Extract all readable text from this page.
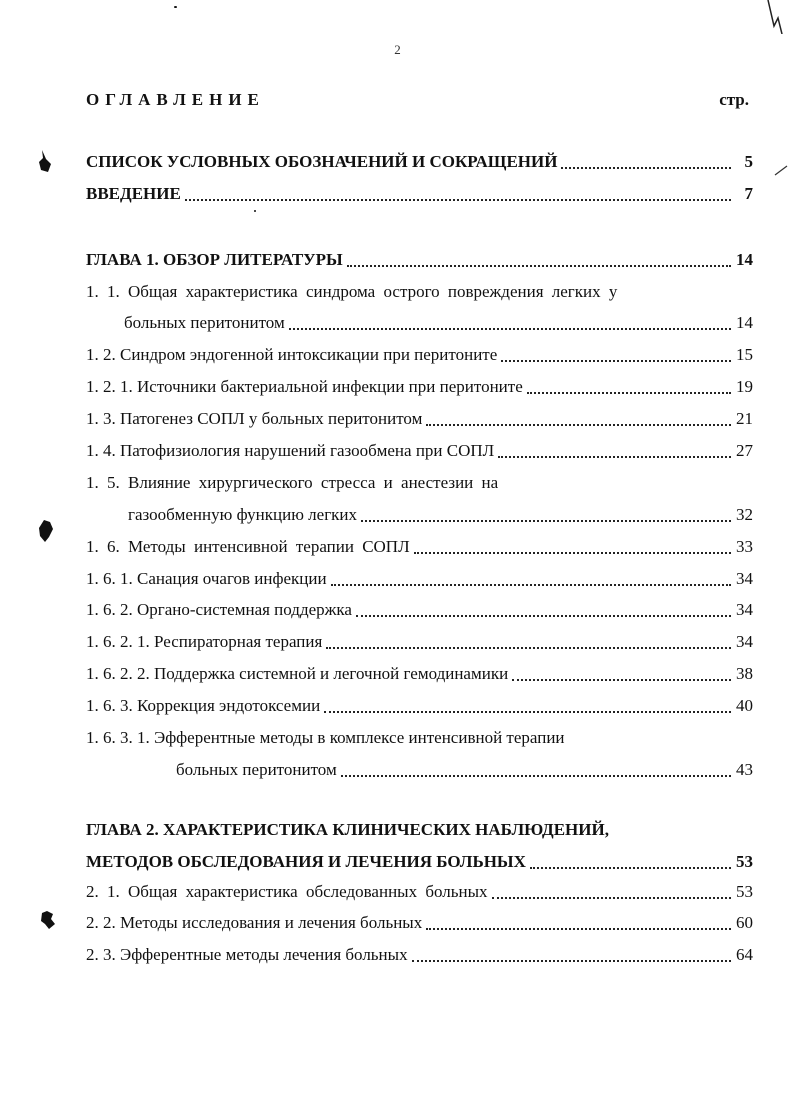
2
ОГЛАВЛЕНИЕ	стр.
СПИСОК УСЛОВНЫХ ОБОЗНАЧЕНИЙ И СОКРАЩЕНИЙ	5
ВВЕДЕНИЕ	7
ГЛАВА 1. ОБЗОР ЛИТЕРАТУРЫ	14
1. 1. Общая характеристика синдрома острого повреждения легких у
больных перитонитом	14
1. 2. Синдром эндогенной интоксикации при перитоните	15
1. 2. 1. Источники бактериальной инфекции при перитоните	19
1. 3. Патогенез СОПЛ у больных перитонитом	21
1. 4. Патофизиология нарушений газообмена при СОПЛ	27
1. 5. Влияние хирургического стресса и анестезии на
газообменную функцию легких	32
1. 6. Методы интенсивной терапии СОПЛ	33
1. 6. 1. Санация очагов инфекции	34
1. 6. 2. Органо-системная поддержка	34
1. 6. 2. 1. Респираторная терапия	34
1. 6. 2. 2. Поддержка системной и легочной гемодинамики	38
1. 6. 3. Коррекция эндотоксемии	40
1. 6. 3. 1. Эфферентные методы в комплексе интенсивной терапии
больных перитонитом	43
ГЛАВА 2. ХАРАКТЕРИСТИКА КЛИНИЧЕСКИХ НАБЛЮДЕНИЙ,
МЕТОДОВ ОБСЛЕДОВАНИЯ И ЛЕЧЕНИЯ БОЛЬНЫХ	53
2. 1. Общая характеристика обследованных больных	53
2. 2. Методы исследования и лечения больных	60
2. 3. Эфферентные методы лечения больных	64
